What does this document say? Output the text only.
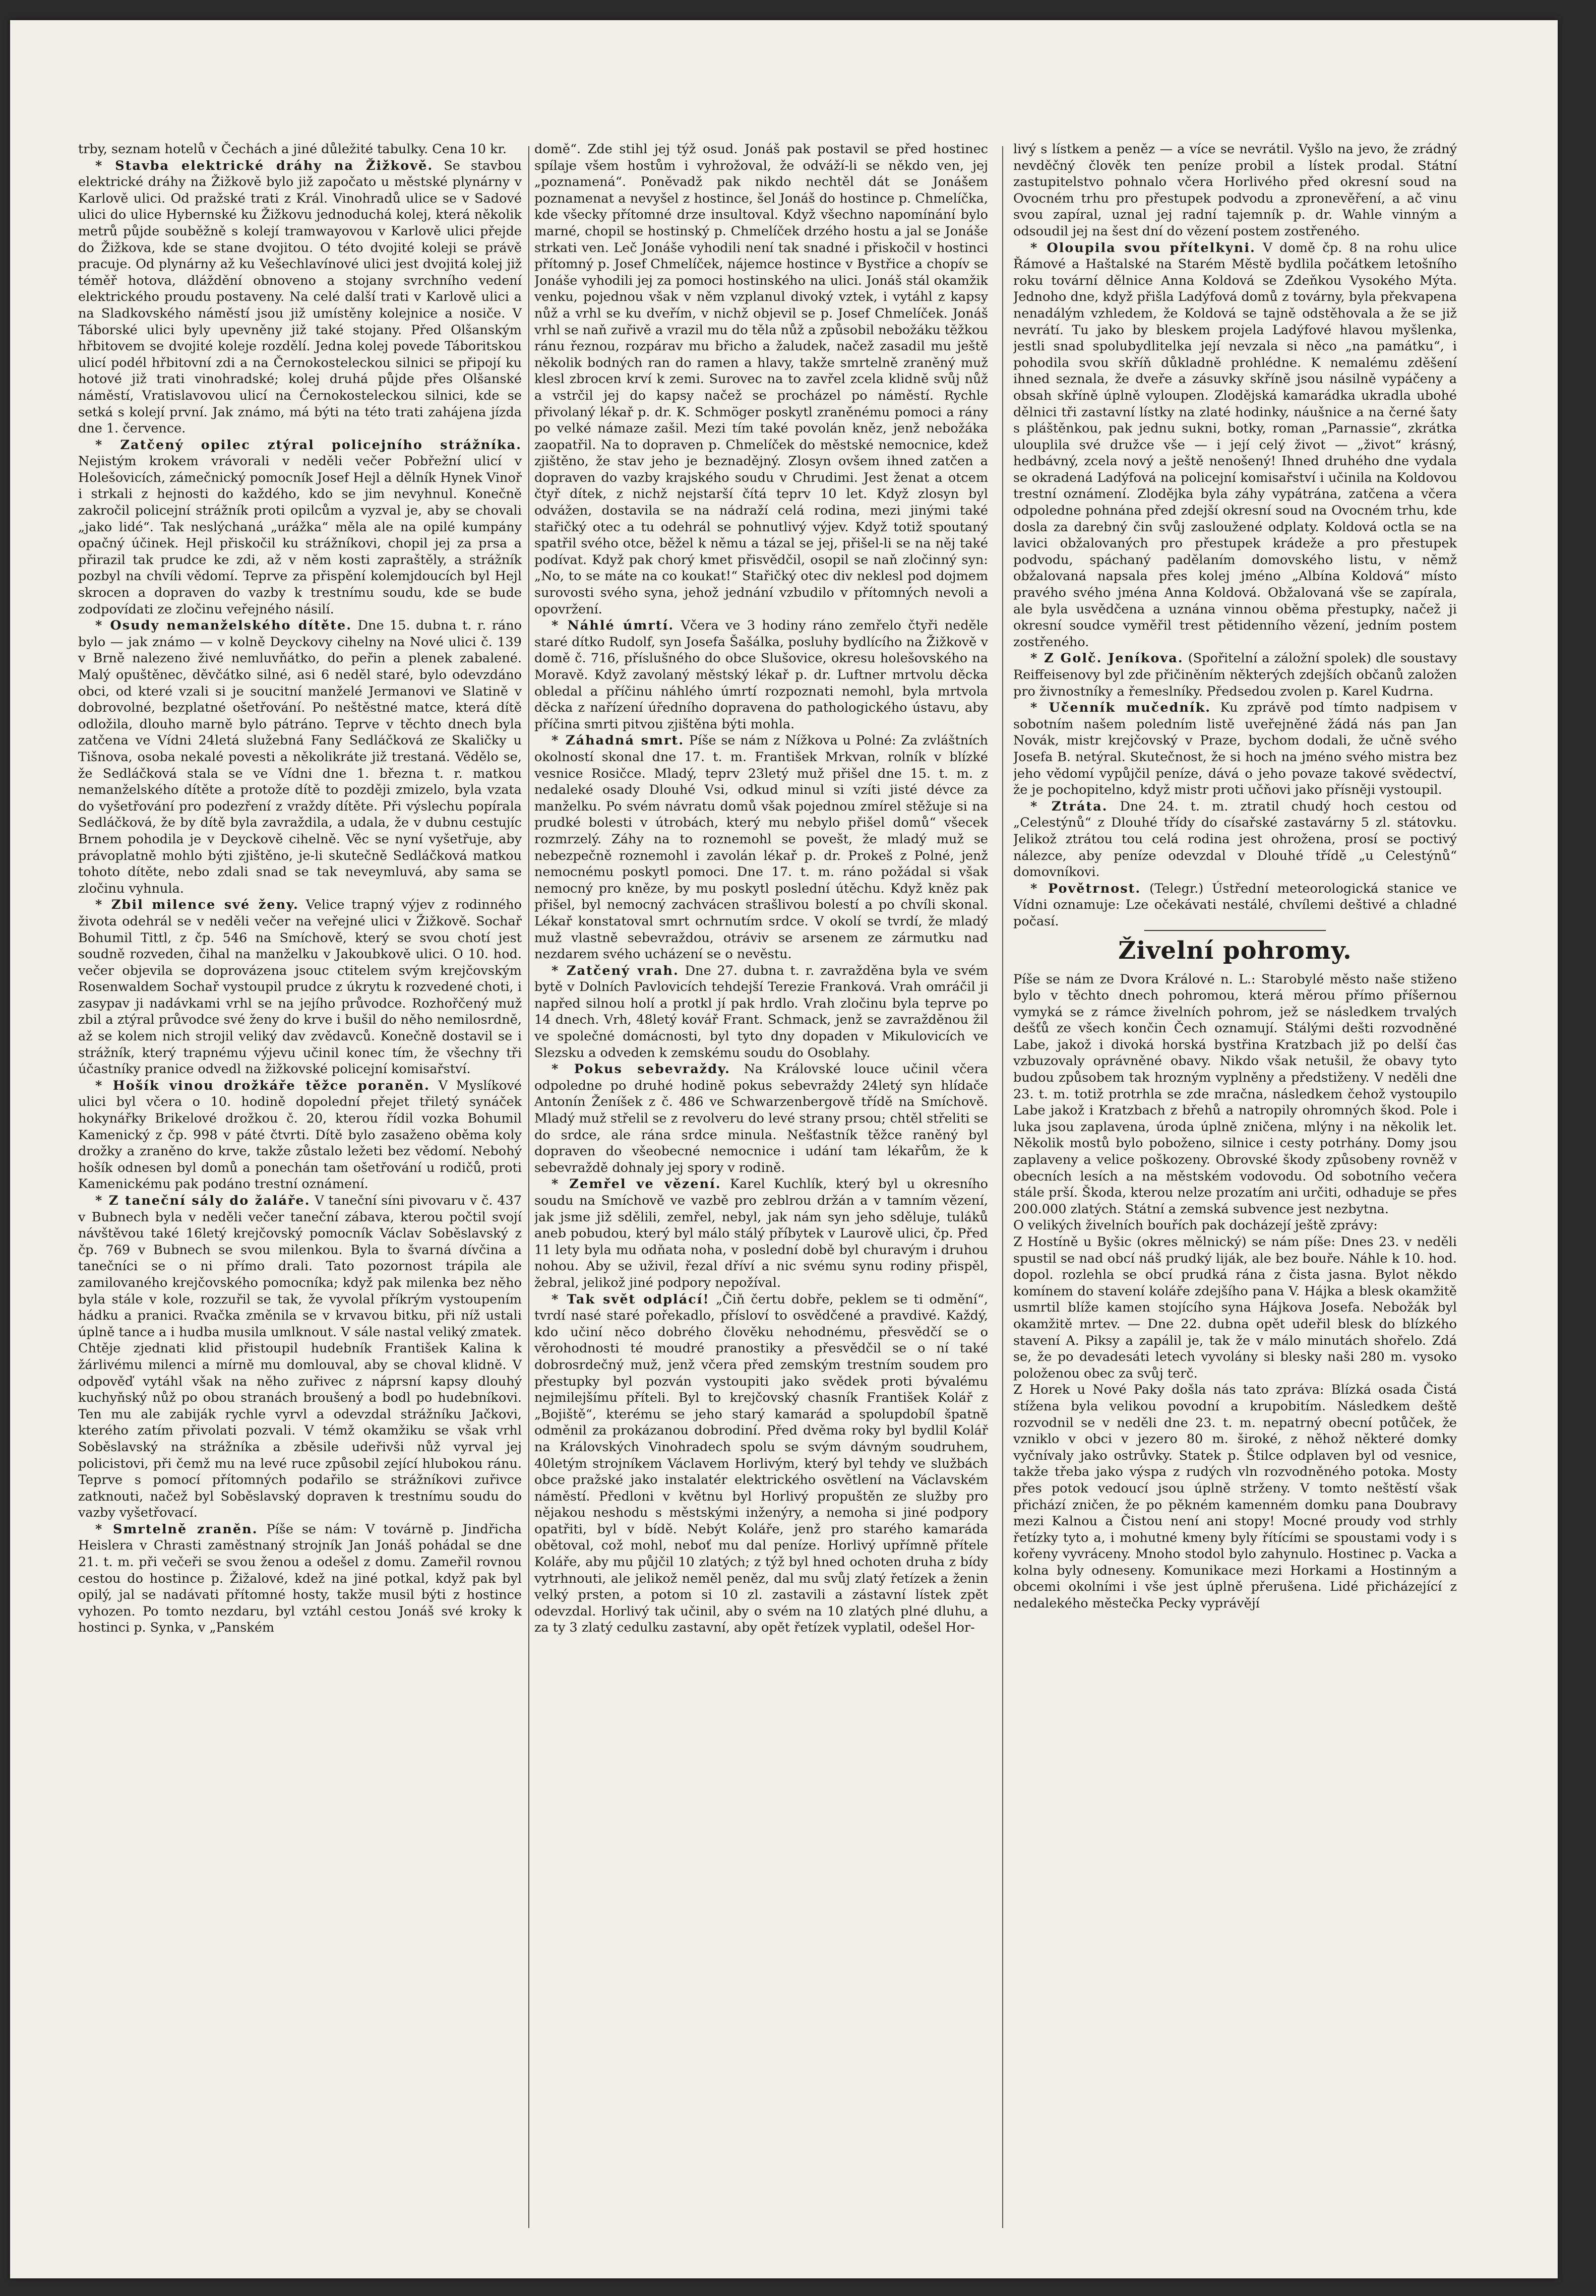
trby, seznam hotelů v Čechách a jiné důležité tabulky. Cena 10 kr.

* Stavba elektrické dráhy na Žižkově. Se stavbou elektrické dráhy na Žižkově bylo již započato u městské plynárny v Karlově ulici. Od pražské trati z Král. Vinohradů ulice se v Sadové ulici do ulice Hybernské ku Žižkovu jednoduchá kolej, která několik metrů půjde souběžně s kolejí tramwayovou v Karlově ulici přejde do Žižkova, kde se stane dvojitou. O této dvojité koleji se právě pracuje. Od plynárny až ku Vešechlavínové ulici jest dvojitá kolej již téměř hotova, dláždění obnoveno a stojany svrchního vedení elektrického proudu postaveny. Na celé další trati v Karlově ulici a na Sladkovského náměstí jsou již umístěny kolejnice a nosiče. V Táborské ulici byly upevněny již také stojany. Před Olšanským hřbitovem se dvojité koleje rozdělí. Jedna kolej povede Táboritskou ulicí podél hřbitovní zdi a na Černokosteleckou silnici se připojí ku hotové již trati vinohradské; kolej druhá půjde přes Olšanské náměstí, Vratislavovou ulicí na Černokosteleckou silnici, kde se setká s kolejí první. Jak známo, má býti na této trati zahájena jízda dne 1. července.

* Zatčený opilec ztýral policejního strážníka. Nejistým krokem vrávorali v neděli večer Pobřežní ulicí v Holešovicích, zámečnický pomocník Josef Hejl a dělník Hynek Vinoř i strkali z hejnosti do každého, kdo se jim nevyhnul. Konečně zakročil policejní strážník proti opilcům a vyzval je, aby se chovali „jako lidé“. Tak neslýchaná „urážka“ měla ale na opilé kumpány opačný účinek. Hejl přiskočil ku strážníkovi, chopil jej za prsa a přirazil tak prudce ke zdi, až v něm kosti zapraštěly, a strážník pozbyl na chvíli vědomí. Teprve za přispění kolemjdoucích byl Hejl skrocen a dopraven do vazby k trestnímu soudu, kde se bude zodpovídati ze zločinu veřejného násilí.

* Osudy nemanželského dítěte. Dne 15. dubna t. r. ráno bylo — jak známo — v kolně Deyckovy cihelny na Nové ulici č. 139 v Brně nalezeno živé nemluvňátko, do peřin a plenek zabalené. Malý opuštěnec, děvčátko silné, asi 6 neděl staré, bylo odevzdáno obci, od které vzali si je soucitní manželé Jermanovi ve Slatině v dobrovolné, bezplatné ošetřování. Po neštěstné matce, která dítě odložila, dlouho marně bylo pátráno. Teprve v těchto dnech byla zatčena ve Vídni 24letá služebná Fany Sedláčková ze Skaličky u Tišnova, osoba nekalé povesti a několikráte již trestaná. Vědělo se, že Sedláčková stala se ve Vídni dne 1. března t. r. matkou nemanželského dítěte a protože dítě to později zmizelo, byla vzata do vyšetřování pro podezření z vraždy dítěte. Při výslechu popírala Sedláčková, že by dítě byla zavraždila, a udala, že v dubnu cestujíc Brnem pohodila je v Deyckově cihelně. Věc se nyní vyšetřuje, aby právoplatně mohlo býti zjištěno, je-li skutečně Sedláčková matkou tohoto dítěte, nebo zdali snad se tak neveymluvá, aby sama se zločinu vyhnula.

* Zbil milence své ženy. Velice trapný výjev z rodinného života odehrál se v neděli večer na veřejné ulici v Žižkově. Sochař Bohumil Tittl, z čp. 546 na Smíchově, který se svou chotí jest soudně rozveden, čihal na manželku v Jakoubkově ulici. O 10. hod. večer objevila se doprovázena jsouc ctitelem svým krejčovským Rosenwaldem Sochař vystoupil prudce z úkrytu k rozvedené choti, i zasypav ji nadávkami vrhl se na jejího průvodce. Rozhořčený muž zbil a ztýral průvodce své ženy do krve i bušil do něho nemilosrdně, až se kolem nich strojil veliký dav zvědavců. Konečně dostavil se i strážník, který trapnému výjevu učinil konec tím, že všechny tři účastníky pranice odvedl na žižkovské policejní komisařství.

* Hošík vinou drožkáře těžce poraněn. V Myslíkové ulici byl včera o 10. hodině dopolední přejet třiletý synáček hokynářky Brikelové drožkou č. 20, kterou řídil vozka Bohumil Kamenický z čp. 998 v páté čtvrti. Dítě bylo zasaženo oběma koly drožky a zraněno do krve, takže zůstalo ležeti bez vědomí. Nebohý hošík odnesen byl domů a ponechán tam ošetřování u rodičů, proti Kamenickému pak podáno trestní oznámení.

* Z taneční sály do žaláře. V taneční síni pivovaru v č. 437 v Bubnech byla v neděli večer taneční zábava, kterou počtil svojí návštěvou také 16letý krejčovský pomocník Václav Soběslavský z čp. 769 v Bubnech se svou milenkou. Byla to švarná dívčina a tanečníci se o ni přímo drali. Tato pozornost trápila ale zamilovaného krejčovského pomocníka; když pak milenka bez něho byla stále v kole, rozzuřil se tak, že vyvolal příkrým vystoupením hádku a pranici. Rvačka změnila se v krvavou bitku, při níž ustali úplně tance a i hudba musila umlknout. V sále nastal veliký zmatek. Chtěje zjednati klid přistoupil hudebník František Kalina k žárlivému milenci a mírně mu domlouval, aby se choval klidně. V odpověď vytáhl však na něho zuřivec z náprsní kapsy dlouhý kuchyňský nůž po obou stranách broušený a bodl po hudebníkovi. Ten mu ale zabiják rychle vyrvl a odevzdal strážníku Jačkovi, kterého zatím přivolati pozvali. V témž okamžiku se však vrhl Soběslavský na strážníka a zběsile udeřivši nůž vyrval jej policistovi, při čemž mu na levé ruce způsobil zející hlubokou ránu. Teprve s pomocí přítomných podařilo se strážníkovi zuřivce zatknouti, načež byl Soběslavský dopraven k trestnímu soudu do vazby vyšetřovací.

* Smrtelně zraněn. Píše se nám: V továrně p. Jindřicha Heislera v Chrasti zaměstnaný strojník Jan Jonáš pohádal se dne 21. t. m. při večeři se svou ženou a odešel z domu. Zameřil rovnou cestou do hostince p. Žižalové, kdež na jiné potkal, když pak byl opilý, jal se nadávati přítomné hosty, takže musil býti z hostince vyhozen. Po tomto nezdaru, byl vztáhl cestou Jonáš své kroky k hostinci p. Synka, v „Panském

domě“. Zde stihl jej týž osud. Jonáš pak postavil se před hostinec spílaje všem hostům i vyhrožoval, že odváží-li se někdo ven, jej „poznamená“. Poněvadž pak nikdo nechtěl dát se Jonášem poznamenat a nevyšel z hostince, šel Jonáš do hostince p. Chmelíčka, kde všecky přítomné drze insultoval. Když všechno napomínání bylo marné, chopil se hostinský p. Chmelíček drzého hostu a jal se Jonáše strkati ven. Leč Jonáše vyhodili není tak snadné i přiskočil v hostinci přítomný p. Josef Chmelíček, nájemce hostince v Bystřice a chopív se Jonáše vyhodili jej za pomoci hostinského na ulici. Jonáš stál okamžik venku, pojednou však v něm vzplanul divoký vztek, i vytáhl z kapsy nůž a vrhl se ku dveřím, v nichž objevil se p. Josef Chmelíček. Jonáš vrhl se naň zuřivě a vrazil mu do těla nůž a způsobil nebožáku těžkou ránu řeznou, rozpárav mu břicho a žaludek, načež zasadil mu ještě několik bodných ran do ramen a hlavy, takže smrtelně zraněný muž klesl zbrocen krví k zemi. Surovec na to zavřel zcela klidně svůj nůž a vstrčil jej do kapsy načež se procházel po náměstí. Rychle přivolaný lékař p. dr. K. Schmöger poskytl zraněnému pomoci a rány po velké námaze zašil. Mezi tím také povolán kněz, jenž nebožáka zaopatřil. Na to dopraven p. Chmelíček do městské nemocnice, kdež zjištěno, že stav jeho je beznadějný. Zlosyn ovšem ihned zatčen a dopraven do vazby krajského soudu v Chrudimi. Jest ženat a otcem čtyř dítek, z nichž nejstarší čítá teprv 10 let. Když zlosyn byl odvážen, dostavila se na nádraží celá rodina, mezi jinými také stařičký otec a tu odehrál se pohnutlivý výjev. Když totiž spoutaný spatřil svého otce, běžel k němu a tázal se jej, přišel-li se na něj také podívat. Když pak chorý kmet přisvědčil, osopil se naň zločinný syn: „No, to se máte na co koukat!“ Stařičký otec div neklesl pod dojmem surovosti svého syna, jehož jednání vzbudilo v přítomných nevoli a opovržení.

* Náhlé úmrtí. Včera ve 3 hodiny ráno zemřelo čtyři neděle staré dítko Rudolf, syn Josefa Šašálka, posluhy bydlícího na Žižkově v domě č. 716, příslušného do obce Slušovice, okresu holešovského na Moravě. Když zavolaný městský lékař p. dr. Luftner mrtvolu děcka obledal a příčinu náhlého úmrtí rozpoznati nemohl, byla mrtvola děcka z nařízení úředního dopravena do pathologického ústavu, aby příčina smrti pitvou zjištěna býti mohla.

* Záhadná smrt. Píše se nám z Nížkova u Polné: Za zvláštních okolností skonal dne 17. t. m. František Mrkvan, rolník v blízké vesnice Rosičce. Mladý, teprv 23letý muž přišel dne 15. t. m. z nedaleké osady Dlouhé Vsi, odkud minul si vzíti jisté dévce za manželku. Po svém návratu domů však pojednou zmírel stěžuje si na prudké bolesti v útrobách, který mu nebylo přišel domů“ všecek rozmrzelý. Záhy na to roznemohl se povešt, že mladý muž se nebezpečně roznemohl i zavolán lékař p. dr. Prokeš z Polné, jenž nemocnému poskytl pomoci. Dne 17. t. m. ráno požádal si však nemocný pro kněze, by mu poskytl poslední útěchu. Když kněz pak přišel, byl nemocný zachvácen strašlivou bolestí a po chvíli skonal. Lékař konstatoval smrt ochrnutím srdce. V okolí se tvrdí, že mladý muž vlastně sebevraždou, otráviv se arsenem ze zármutku nad nezdarem svého ucházení se o nevěstu.

* Zatčený vrah. Dne 27. dubna t. r. zavražděna byla ve svém bytě v Dolních Pavlovicích tehdejší Terezie Franková. Vrah omráčil ji napřed silnou holí a protkl jí pak hrdlo. Vrah zločinu byla teprve po 14 dnech. Vrh, 48letý kovář Frant. Schmack, jenž se zavražděnou žil ve společné domácnosti, byl tyto dny dopaden v Mikulovicích ve Slezsku a odveden k zemskému soudu do Osoblahy.

* Pokus sebevraždy. Na Královské louce učinil včera odpoledne po druhé hodině pokus sebevraždy 24letý syn hlídače Antonín Ženíšek z č. 486 ve Schwarzenbergově třídě na Smíchově. Mladý muž střelil se z revolveru do levé strany prsou; chtěl střeliti se do srdce, ale rána srdce minula. Nešťastník těžce raněný byl dopraven do všeobecné nemocnice i udání tam lékařům, že k sebevraždě dohnaly jej spory v rodině.

* Zemřel ve vězení. Karel Kuchlík, který byl u okresního soudu na Smíchově ve vazbě pro zeblrou držán a v tamním vězení, jak jsme již sdělili, zemřel, nebyl, jak nám syn jeho sděluje, tuláků aneb pobudou, který byl málo stálý příbytek v Laurově ulici, čp. Před 11 lety byla mu odňata noha, v poslední době byl churavým i druhou nohou. Aby se uživil, řezal dříví a nic svému synu rodiny přispěl, žebral, jelikož jiné podpory nepožíval.

* Tak svět odplácí! „Čiň čertu dobře, peklem se ti odmění“, tvrdí nasé staré pořekadlo, přísloví to osvědčené a pravdivé. Každý, kdo učiní něco dobrého člověku nehodnému, přesvědčí se o věrohodnosti té moudré pranostiky a přesvědčil se o ní také dobrosrdečný muž, jenž včera před zemským trestním soudem pro přestupky byl pozván vystoupiti jako svědek proti bývalému nejmilejšímu příteli. Byl to krejčovský chasník František Kolář z „Bojiště“, kterému se jeho starý kamarád a spolupdobíl špatně odměnil za prokázanou dobrodiní. Před dvěma roky byl bydlil Kolář na Královských Vinohradech spolu se svým dávným soudruhem, 40letým strojníkem Václavem Horlivým, který byl tehdy ve službách obce pražské jako instalatér elektrického osvětlení na Václavském náměstí. Předloni v květnu byl Horlivý propuštěn ze služby pro nějakou neshodu s městskými inženýry, a nemoha si jiné podpory opatřiti, byl v bídě. Nebýt Koláře, jenž pro starého kamaráda obětoval, což mohl, neboť mu dal peníze. Horlivý upřímně přítele Koláře, aby mu půjčil 10 zlatých; z týž byl hned ochoten druha z bídy vytrhnouti, ale jelikož neměl peněz, dal mu svůj zlatý řetízek a ženin velký prsten, a potom si 10 zl. zastavili a zástavní lístek zpět odevzdal. Horlivý tak učinil, aby o svém na 10 zlatých plné dluhu, a za ty 3 zlatý cedulku zastavní, aby opět řetízek vyplatil, odešel Hor-

livý s lístkem a peněz — a více se nevrátil. Vyšlo na jevo, že zrádný nevděčný člověk ten peníze probil a lístek prodal. Státní zastupitelstvo pohnalo včera Horlivého před okresní soud na Ovocném trhu pro přestupek podvodu a zpronevěření, a ač vinu svou zapíral, uznal jej radní tajemník p. dr. Wahle vinným a odsoudil jej na šest dní do vězení postem zostřeného.

* Oloupila svou přítelkyni. V domě čp. 8 na rohu ulice Řámové a Haštalské na Starém Městě bydlila počátkem letošního roku tovární dělnice Anna Koldová se Zdeňkou Vysokého Mýta. Jednoho dne, když přišla Ladýfová domů z továrny, byla překvapena nenadálým vzhledem, že Koldová se tajně odstěhovala a že se již nevrátí. Tu jako by bleskem projela Ladýfové hlavou myšlenka, jestli snad spolubydlitelka její nevzala si něco „na památku“, i pohodila svou skříň důkladně prohlédne. K nemalému zděšení ihned seznala, že dveře a zásuvky skříně jsou násilně vypáčeny a obsah skříně úplně vyloupen. Zlodějská kamarádka ukradla ubohé dělnici tři zastavní lístky na zlaté hodinky, náušnice a na černé šaty s pláštěnkou, pak jednu sukni, botky, roman „Parnassie“, zkrátka ulouplila své družce vše — i její celý život — „život“ krásný, hedbávný, zcela nový a ještě nenošený! Ihned druhého dne vydala se okradená Ladýfová na policejní komisařství i učinila na Koldovou trestní oznámení. Zlodějka byla záhy vypátrána, zatčena a včera odpoledne pohnána před zdejší okresní soud na Ovocném trhu, kde dosla za darebný čin svůj zasloužené odplaty. Koldová octla se na lavici obžalovaných pro přestupek krádeže a pro přestupek podvodu, spáchaný padělaním domovského listu, v němž obžalovaná napsala přes kolej jméno „Albína Koldová“ místo pravého svého jména Anna Koldová. Obžalovaná vše se zapírala, ale byla usvědčena a uznána vinnou oběma přestupky, načež ji okresní soudce vyměřil trest pětidenního vězení, jedním postem zostřeného.

* Z Golč. Jeníkova. (Spořitelní a záložní spolek) dle soustavy Reiffeisenovy byl zde přičiněním některých zdejších občanů založen pro živnostníky a řemeslníky. Předsedou zvolen p. Karel Kudrna.

* Učenník mučedník. Ku zprávě pod tímto nadpisem v sobotním našem poledním listě uveřejněné žádá nás pan Jan Novák, mistr krejčovský v Praze, bychom dodali, že učně svého Josefa B. netýral. Skutečnost, že si hoch na jméno svého mistra bez jeho vědomí vypůjčil peníze, dává o jeho povaze takové svědectví, že je pochopitelno, když mistr proti učňovi jako přísněji vystoupil.

* Ztráta. Dne 24. t. m. ztratil chudý hoch cestou od „Celestýnů“ z Dlouhé třídy do císařské zastavárny 5 zl. státovku. Jelikož ztrátou tou celá rodina jest ohrožena, prosí se poctivý nálezce, aby peníze odevzdal v Dlouhé třídě „u Celestýnů“ domovníkovi.

* Povětrnost. (Telegr.) Ústřední meteorologická stanice ve Vídni oznamuje: Lze očekávati nestálé, chvílemi deštivé a chladné počasí.

Živelní pohromy.

Píše se nám ze Dvora Králové n. L.: Starobylé město naše stiženo bylo v těchto dnech pohromou, která měrou přímo příšernou vymyká se z rámce živelních pohrom, jež se následkem trvalých dešťů ze všech končin Čech oznamují. Stálými dešti rozvodněné Labe, jakož i divoká horská bystřina Kratzbach již po delší čas vzbuzovaly oprávněné obavy. Nikdo však netušil, že obavy tyto budou způsobem tak hrozným vyplněny a předstiženy. V neděli dne 23. t. m. totiž protrhla se zde mračna, následkem čehož vystoupilo Labe jakož i Kratzbach z břehů a natropily ohromných škod. Pole i luka jsou zaplavena, úroda úplně zničena, mlýny i na několik let. Několik mostů bylo poboženo, silnice i cesty potrhány. Domy jsou zaplaveny a velice poškozeny. Obrovské škody způsobeny rovněž v obecních lesích a na městském vodovodu. Od sobotního večera stále prší. Škoda, kterou nelze prozatím ani určiti, odhaduje se přes 200.000 zlatých. Státní a zemská subvence jest nezbytna.

O velikých živelních bouřích pak docházejí ještě zprávy:

Z Hostíně u Byšic (okres mělnický) se nám píše: Dnes 23. v neděli spustil se nad obcí náš prudký liják, ale bez bouře. Náhle k 10. hod. dopol. rozlehla se obcí prudká rána z čista jasna. Bylot někdo komínem do stavení koláře zdejšího pana V. Hájka a blesk okamžitě usmrtil blíže kamen stojícího syna Hájkova Josefa. Nebožák byl okamžitě mrtev. — Dne 22. dubna opět udeřil blesk do blízkého stavení A. Piksy a zapálil je, tak že v málo minutách shořelo. Zdá se, že po devadesáti letech vyvolány si blesky naši 280 m. vysoko položenou obec za svůj terč.

Z Horek u Nové Paky došla nás tato zpráva: Blízká osada Čistá stížena byla velikou povodní a krupobitím. Následkem deště rozvodnil se v neděli dne 23. t. m. nepatrný obecní potůček, že vzniklo v obci v jezero 80 m. široké, z něhož některé domky vyčnívaly jako ostrůvky. Statek p. Štilce odplaven byl od vesnice, takže třeba jako výspa z rudých vln rozvodněného potoka. Mosty přes potok vedoucí jsou úplně strženy. V tomto neštěstí však přichází zničen, že po pěkném kamenném domku pana Doubravy mezi Kalnou a Čistou není ani stopy! Mocné proudy vod strhly řetízky tyto a, i mohutné kmeny byly řítícími se spoustami vody i s kořeny vyvráceny. Mnoho stodol bylo zahynulo. Hostinec p. Vacka a kolna byly odneseny. Komunikace mezi Horkami a Hostinným a obcemi okolními i vše jest úplně přerušena. Lidé přicházející z nedalekého městečka Pecky vyprávějí
